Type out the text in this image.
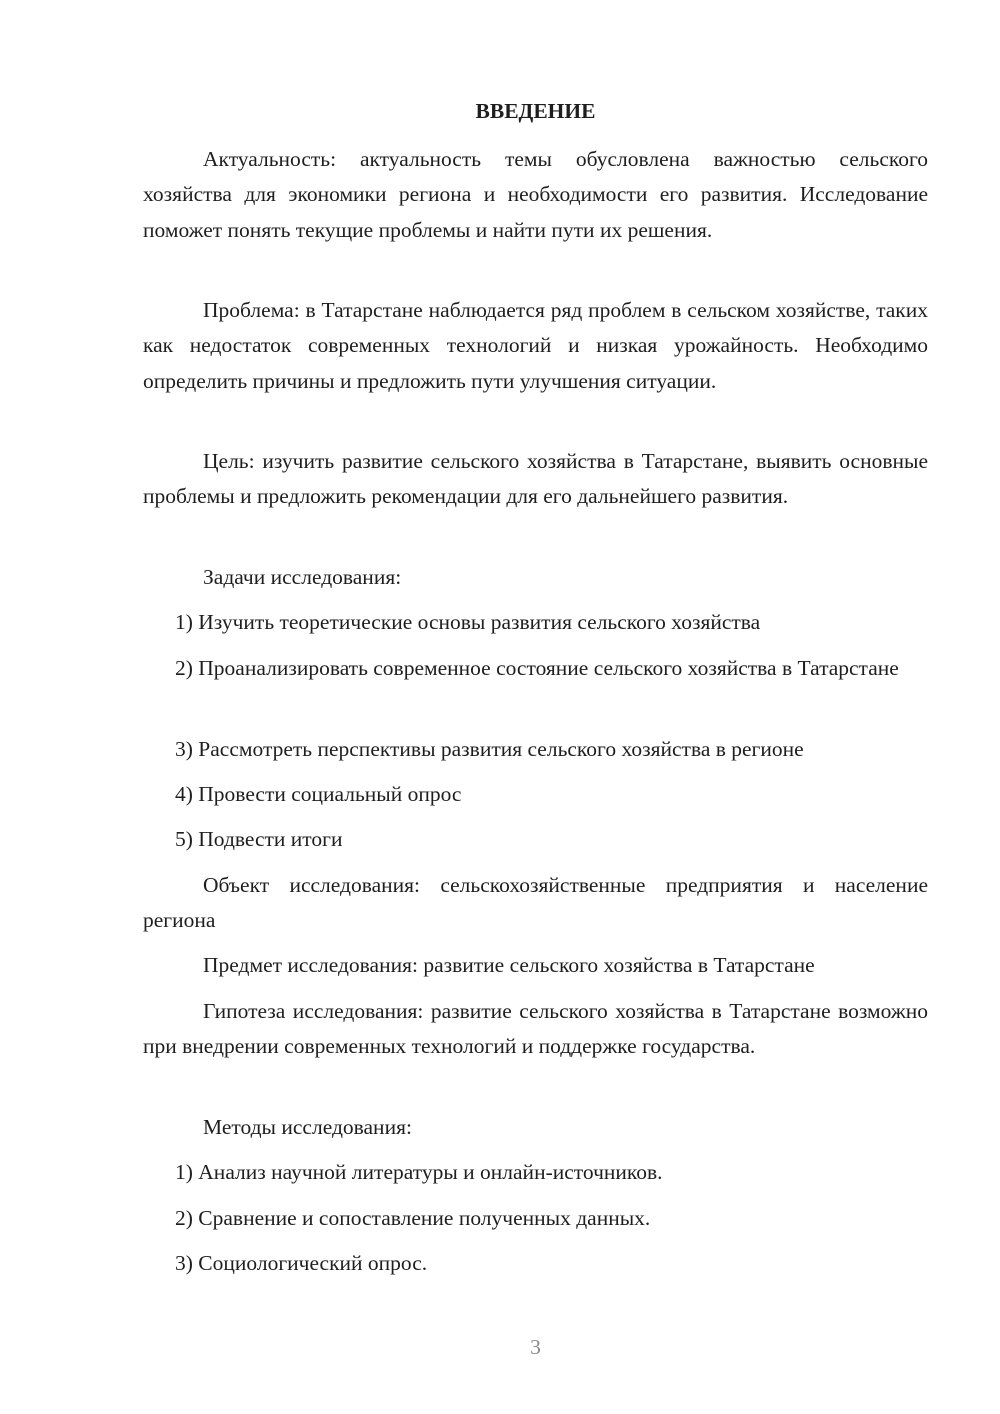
ВВЕДЕНИЕ

Актуальность: актуальность темы обусловлена важностью сельского хозяйства для экономики региона и необходимости его развития. Исследование поможет понять текущие проблемы и найти пути их решения.

Проблема: в Татарстане наблюдается ряд проблем в сельском хозяйстве, таких как недостаток современных технологий и низкая урожайность. Необходимо определить причины и предложить пути улучшения ситуации.

Цель: изучить развитие сельского хозяйства в Татарстане, выявить основные проблемы и предложить рекомендации для его дальнейшего развития.

Задачи исследования:

1) Изучить теоретические основы развития сельского хозяйства

2) Проанализировать современное состояние сельского хозяйства в Татарстане

3) Рассмотреть перспективы развития сельского хозяйства в регионе

4) Провести социальный опрос

5) Подвести итоги

Объект исследования: сельскохозяйственные предприятия и население региона

Предмет исследования: развитие сельского хозяйства в Татарстане

Гипотеза исследования: развитие сельского хозяйства в Татарстане возможно при внедрении современных технологий и поддержке государства.

Методы исследования:

1) Анализ научной литературы и онлайн-источников.

2) Сравнение и сопоставление полученных данных.

3) Социологический опрос.

3
